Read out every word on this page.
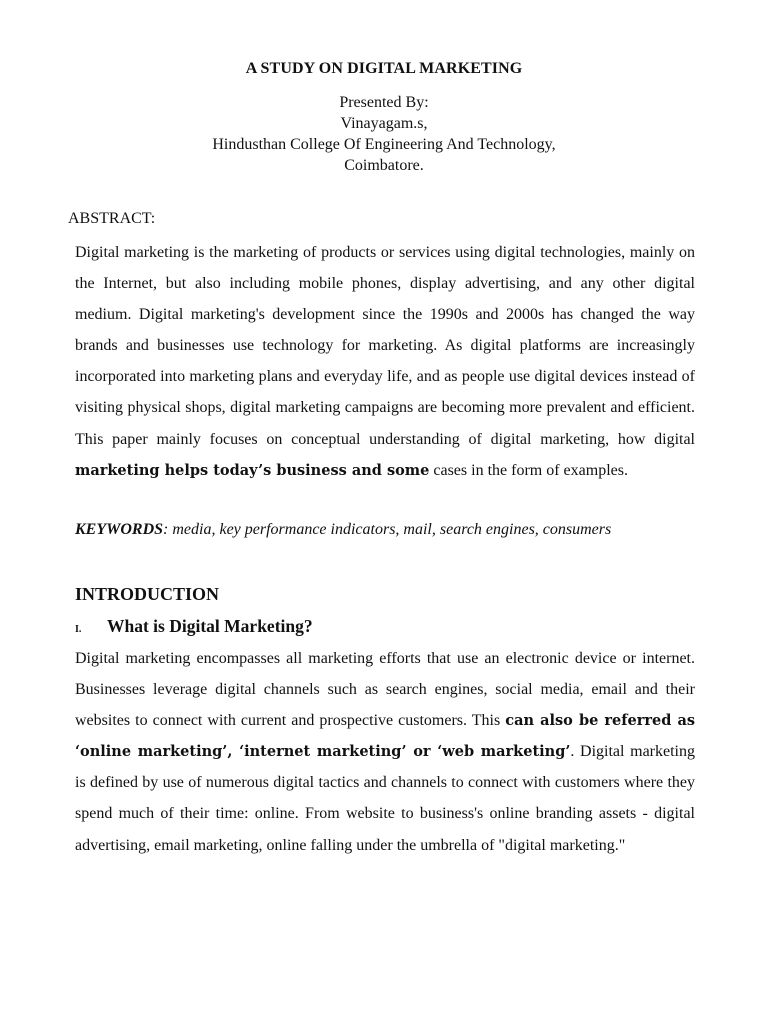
A STUDY ON DIGITAL MARKETING
Presented By:
Vinayagam.s,
Hindusthan College Of Engineering And Technology,
Coimbatore.
ABSTRACT:

Digital marketing is the marketing of products or services using digital technologies, mainly on the Internet, but also including mobile phones, display advertising, and any other digital medium. Digital marketing's development since the 1990s and 2000s has changed the way brands and businesses use technology for marketing. As digital platforms are increasingly incorporated into marketing plans and everyday life, and as people use digital devices instead of visiting physical shops, digital marketing campaigns are becoming more prevalent and efficient. This paper mainly focuses on conceptual understanding of digital marketing, how digital marketing helps today’s business and some cases in the form of examples.

KEYWORDS: media, key performance indicators, mail, search engines, consumers
INTRODUCTION
I. What is Digital Marketing?

Digital marketing encompasses all marketing efforts that use an electronic device or internet. Businesses leverage digital channels such as search engines, social media, email and their websites to connect with current and prospective customers. This can also be referred as ‘online marketing’, ‘internet marketing’ or ‘web marketing’. Digital marketing is defined by use of numerous digital tactics and channels to connect with customers where they spend much of their time: online. From website to business's online branding assets - digital advertising, email marketing, online falling under the umbrella of "digital marketing."
